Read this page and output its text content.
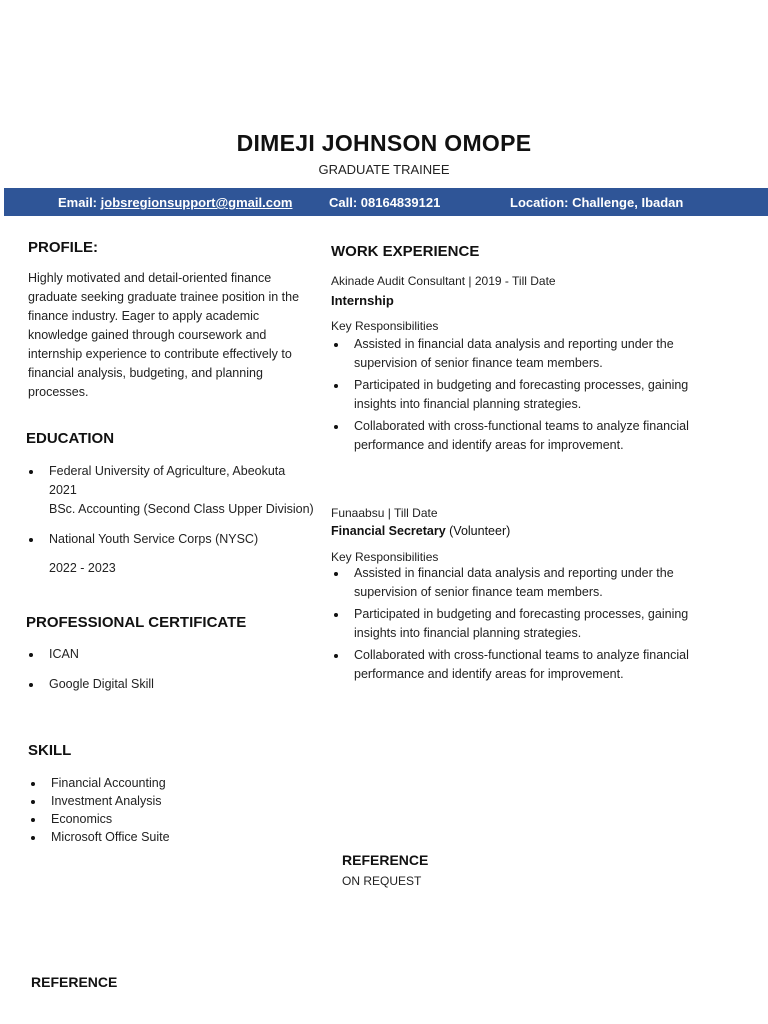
DIMEJI JOHNSON OMOPE
GRADUATE TRAINEE
Email: jobsregionsupport@gmail.com	Call: 08164839121	Location: Challenge, Ibadan
PROFILE:
Highly motivated and detail-oriented finance graduate seeking graduate trainee position in the finance industry. Eager to apply academic knowledge gained through coursework and internship experience to contribute effectively to financial analysis, budgeting, and planning processes.
EDUCATION
Federal University of Agriculture, Abeokuta
2021
BSc. Accounting (Second Class Upper Division)
National Youth Service Corps (NYSC)
2022 - 2023
PROFESSIONAL CERTIFICATE
ICAN
Google Digital Skill
SKILL
Financial Accounting
Investment Analysis
Economics
Microsoft Office Suite
WORK EXPERIENCE
Akinade Audit Consultant | 2019 - Till Date
Internship
Key Responsibilities
Assisted in financial data analysis and reporting under the supervision of senior finance team members.
Participated in budgeting and forecasting processes, gaining insights into financial planning strategies.
Collaborated with cross-functional teams to analyze financial performance and identify areas for improvement.
Funaabsu | Till Date
Financial Secretary (Volunteer)
Key Responsibilities
Assisted in financial data analysis and reporting under the supervision of senior finance team members.
Participated in budgeting and forecasting processes, gaining insights into financial planning strategies.
Collaborated with cross-functional teams to analyze financial performance and identify areas for improvement.
REFERENCE
ON REQUEST
REFERENCE
